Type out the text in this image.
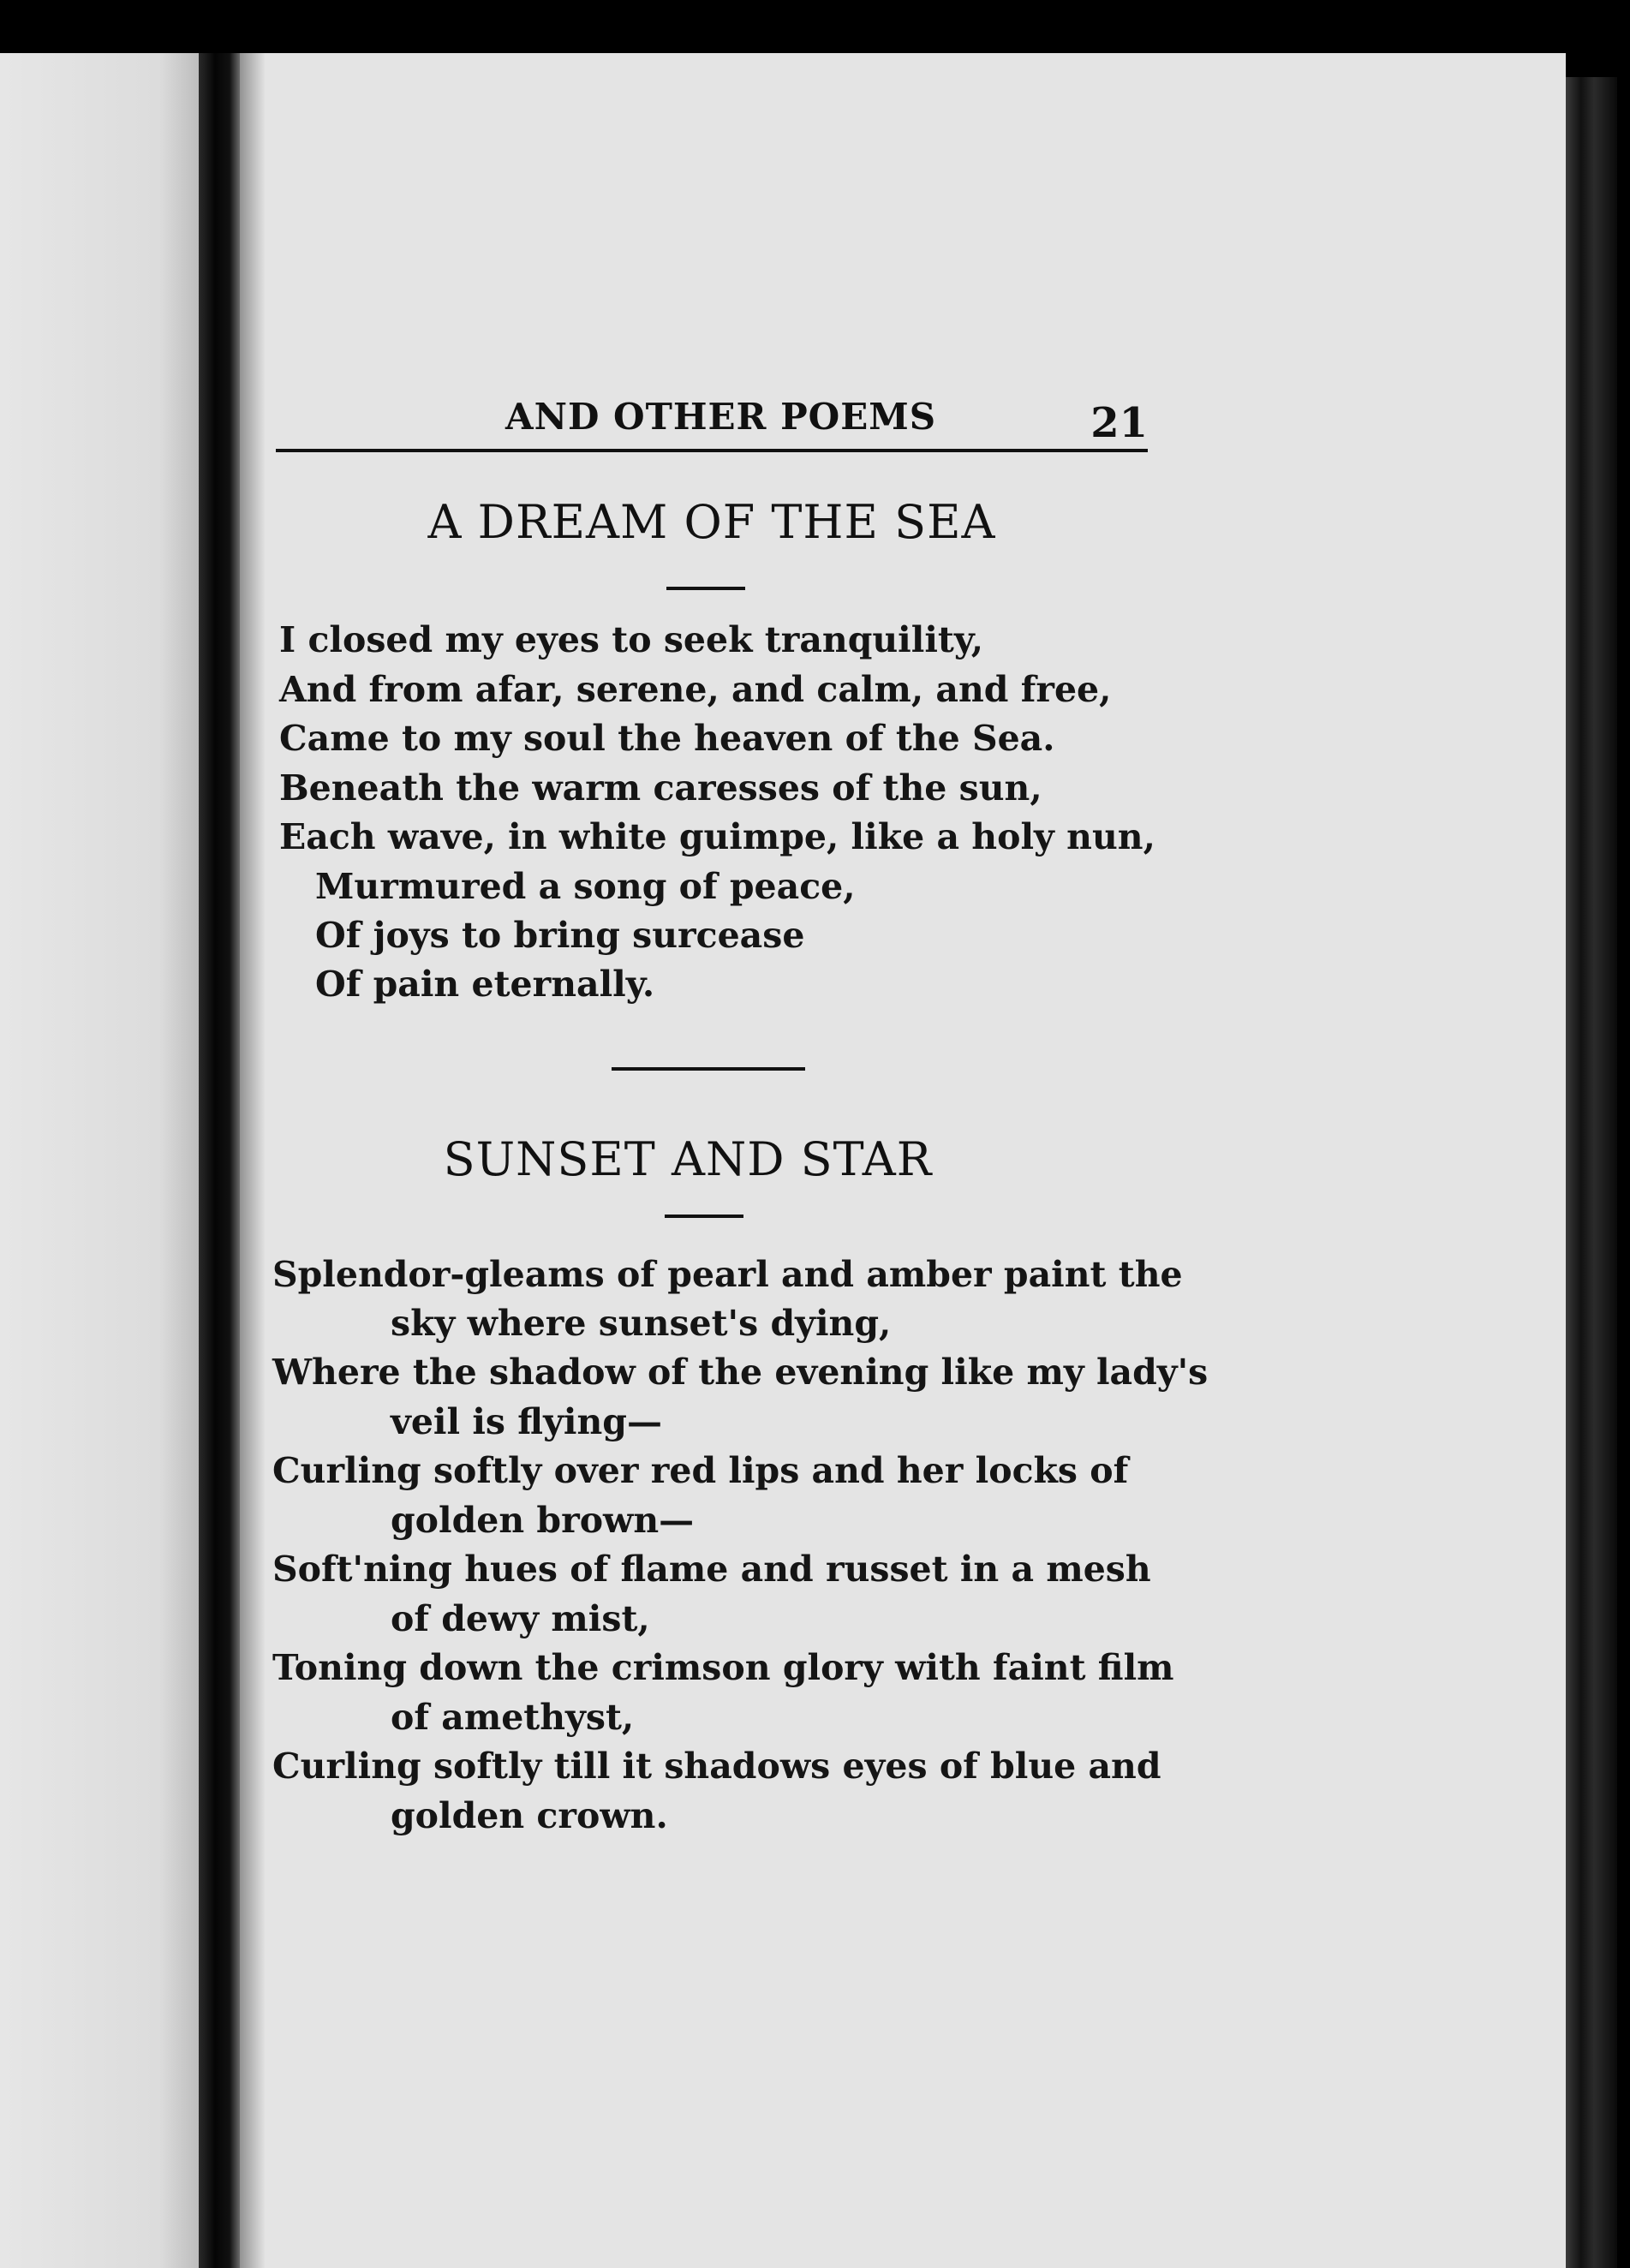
AND OTHER POEMS	21
A DREAM OF THE SEA
I closed my eyes to seek tranquility,
And from afar, serene, and calm, and free,
Came to my soul the heaven of the Sea.
Beneath the warm caresses of the sun,
Each wave, in white guimpe, like a holy nun,
Murmured a song of peace,
Of joys to bring surcease
Of pain eternally.
SUNSET AND STAR
Splendor-gleams of pearl and amber paint the
sky where sunset's dying,
Where the shadow of the evening like my lady's
veil is flying—
Curling softly over red lips and her locks of
golden brown—
Soft'ning hues of flame and russet in a mesh
of dewy mist,
Toning down the crimson glory with faint film
of amethyst,
Curling softly till it shadows eyes of blue and
golden crown.
